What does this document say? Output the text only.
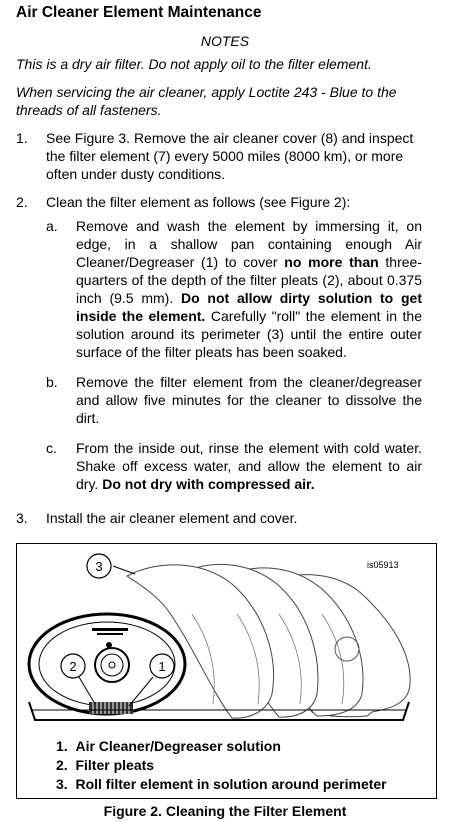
Air Cleaner Element Maintenance
NOTES
This is a dry air filter. Do not apply oil to the filter element.
When servicing the air cleaner, apply Loctite 243 - Blue to the threads of all fasteners.
1. See Figure 3. Remove the air cleaner cover (8) and inspect the filter element (7) every 5000 miles (8000 km), or more often under dusty conditions.
2. Clean the filter element as follows (see Figure 2):
a. Remove and wash the element by immersing it, on edge, in a shallow pan containing enough Air Cleaner/Degreaser (1) to cover no more than three-quarters of the depth of the filter pleats (2), about 0.375 inch (9.5 mm). Do not allow dirty solution to get inside the element. Carefully "roll" the element in the solution around its perimeter (3) until the entire outer surface of the filter pleats has been soaked.
b. Remove the filter element from the cleaner/degreaser and allow five minutes for the cleaner to dissolve the dirt.
c. From the inside out, rinse the element with cold water. Shake off excess water, and allow the element to air dry. Do not dry with compressed air.
3. Install the air cleaner element and cover.
is05913
3
2	1
1. Air Cleaner/Degreaser solution
2. Filter pleats
3. Roll filter element in solution around perimeter
Figure 2. Cleaning the Filter Element
